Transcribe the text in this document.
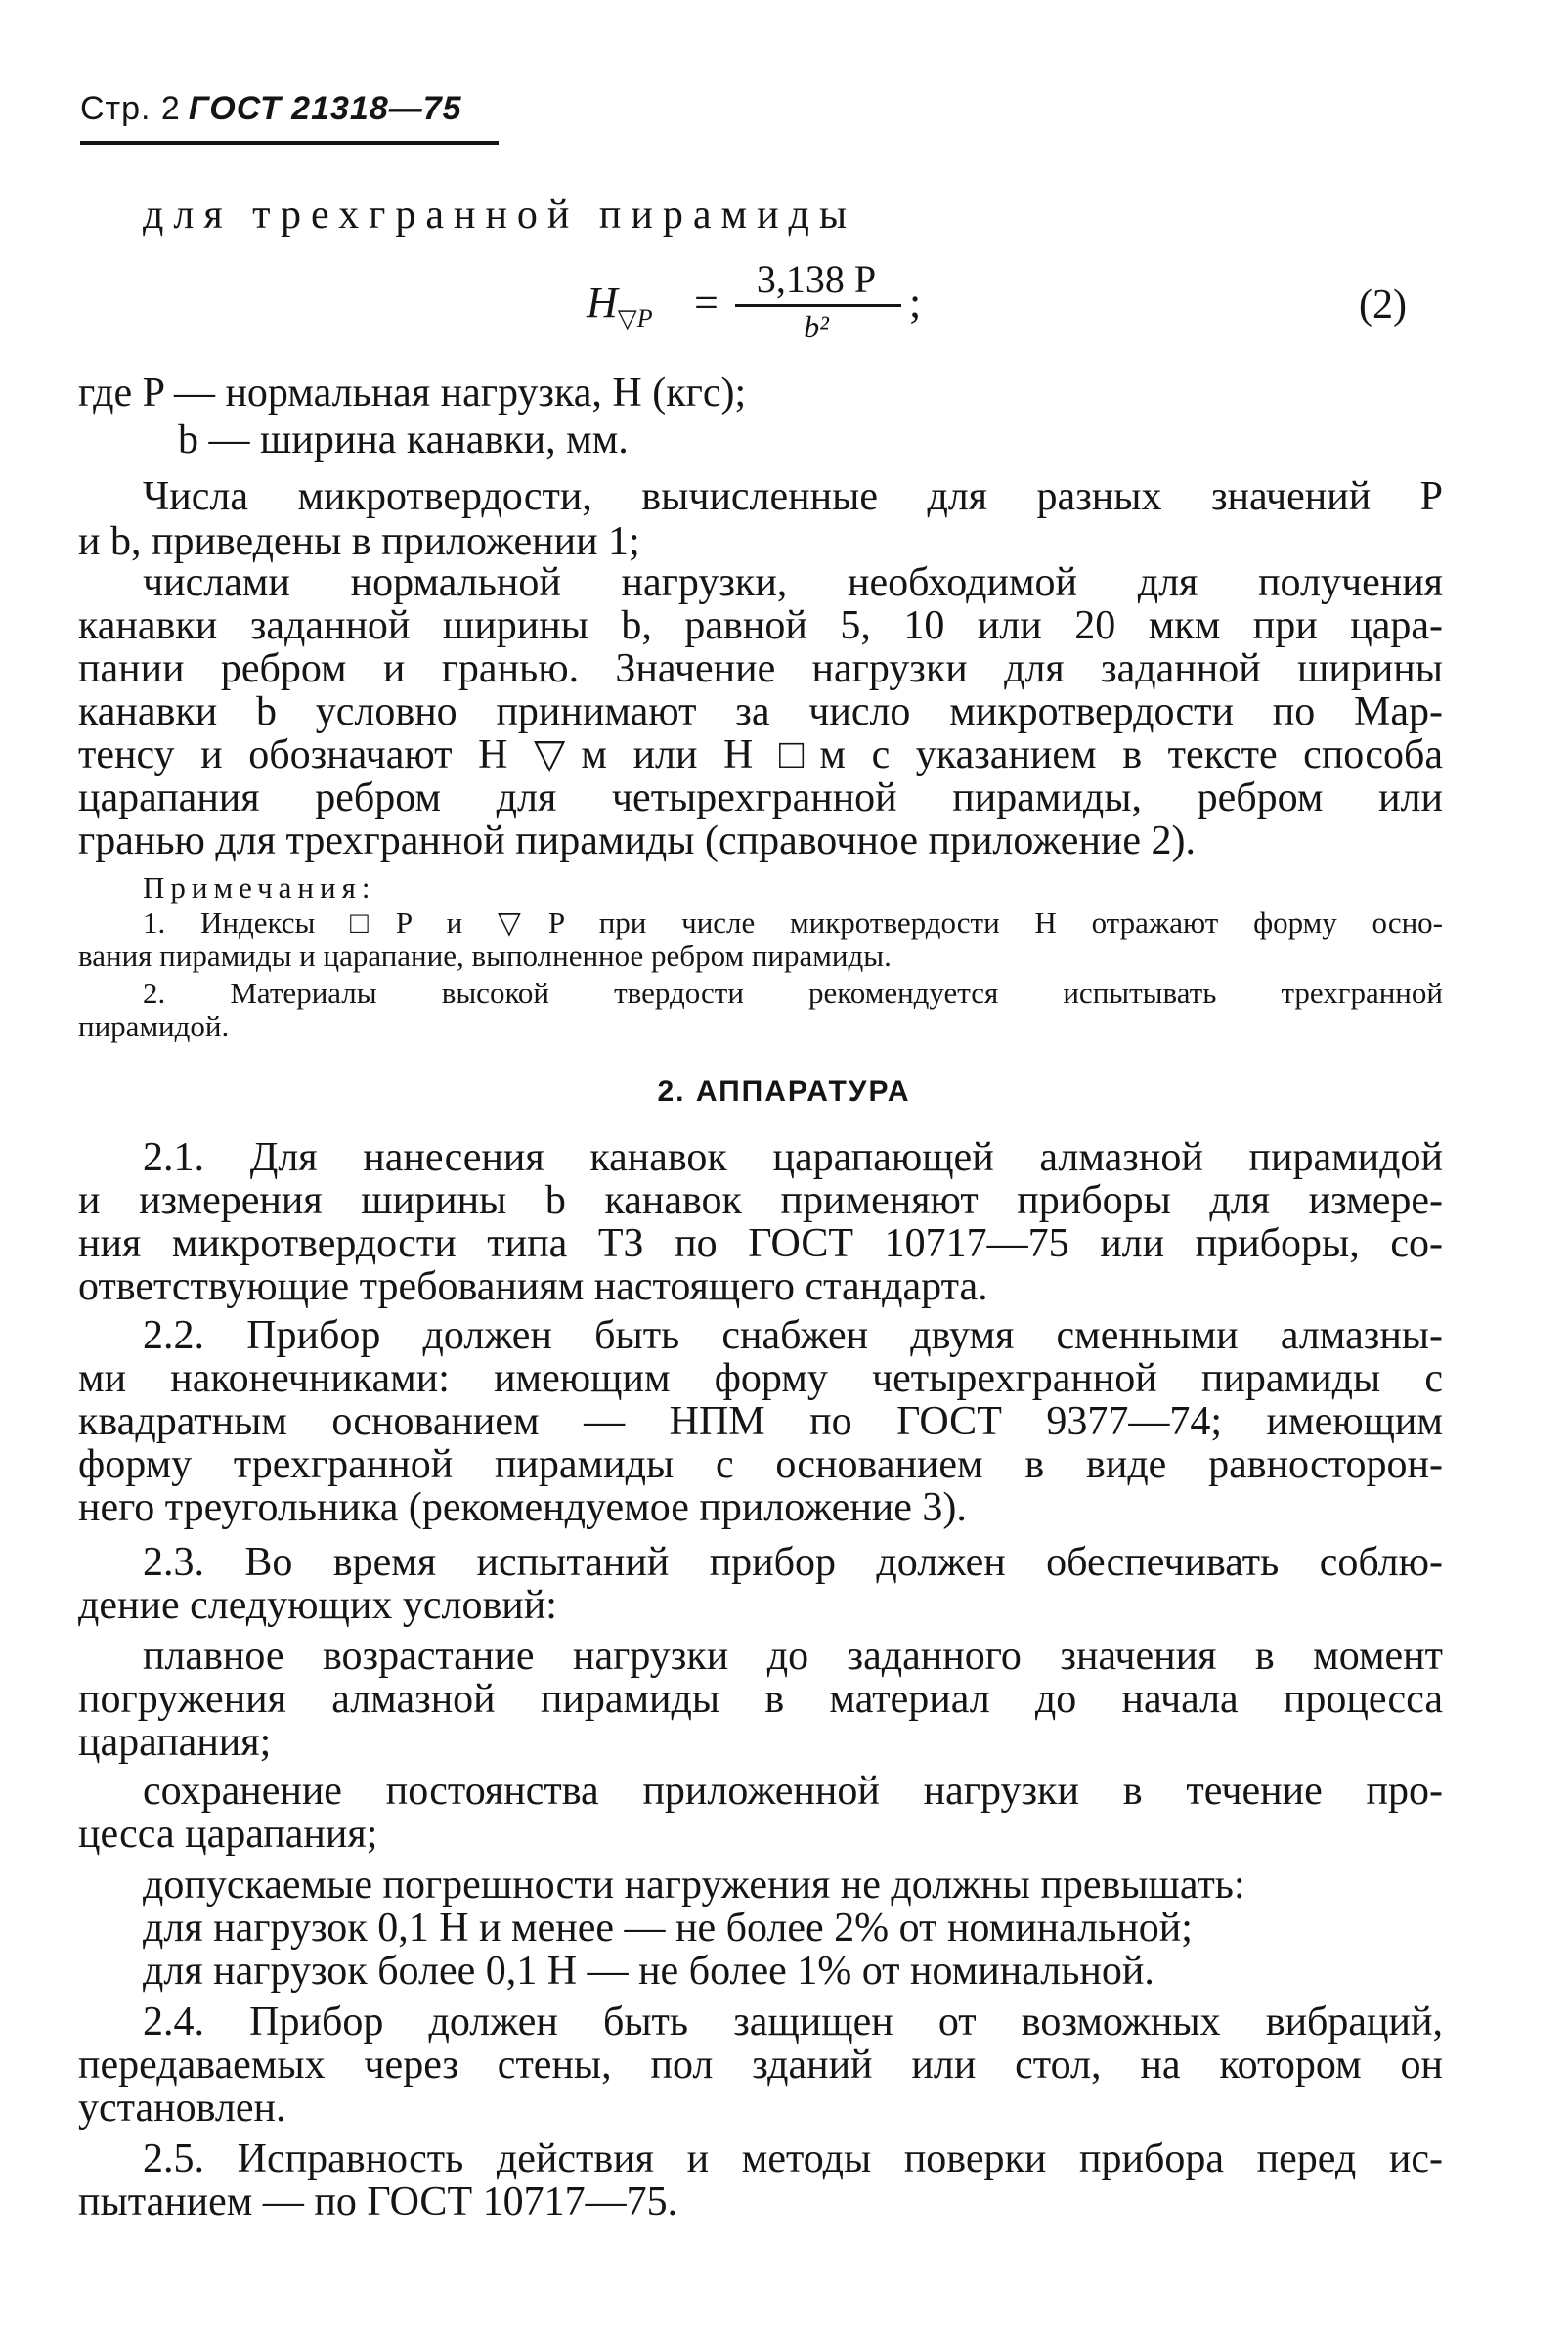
Стр. 2 ГОСТ 21318—75
для трехгранной пирамиды
$H_{▽P} = 3,138$ P
b²	;	(2)
где P — нормальная нагрузка, Н (кгс);
b — ширина канавки, мм.
Числа микротвердости, вычисленные для разных значений P
и b, приведены в приложении 1;
числами нормальной нагрузки, необходимой для получения
канавки заданной ширины b, равной 5, 10 или 20 мкм при цара-
пании ребром и гранью. Значение нагрузки для заданной ширины
канавки b условно принимают за число микротвердости по Мар-
тенсу и обозначают H ▽м или H □м с указанием в тексте способа
царапания ребром для четырехгранной пирамиды, ребром или
гранью для трехгранной пирамиды (справочное приложение 2).
Примечания:
1. Индексы □P и ▽P при числе микротвердости H отражают форму осно-
вания пирамиды и царапание, выполненное ребром пирамиды.
2. Материалы высокой твердости рекомендуется испытывать трехгранной
пирамидой.
2. АППАРАТУРА
2.1. Для нанесения канавок царапающей алмазной пирамидой
и измерения ширины b канавок применяют приборы для измере-
ния микротвердости типа ТЗ по ГОСТ 10717—75 или приборы, со-
ответствующие требованиям настоящего стандарта.
2.2. Прибор должен быть снабжен двумя сменными алмазны-
ми наконечниками: имеющим форму четырехгранной пирамиды с
квадратным основанием — НПМ по ГОСТ 9377—74; имеющим
форму трехгранной пирамиды с основанием в виде равносторон-
него треугольника (рекомендуемое приложение 3).
2.3. Во время испытаний прибор должен обеспечивать соблю-
дение следующих условий:
плавное возрастание нагрузки до заданного значения в момент
погружения алмазной пирамиды в материал до начала процесса
царапания;
сохранение постоянства приложенной нагрузки в течение про-
цесса царапания;
допускаемые погрешности нагружения не должны превышать:
для нагрузок 0,1 Н и менее — не более 2% от номинальной;
для нагрузок более 0,1 Н — не более 1% от номинальной.
2.4. Прибор должен быть защищен от возможных вибраций,
передаваемых через стены, пол зданий или стол, на котором он
установлен.
2.5. Исправность действия и методы поверки прибора перед ис-
пытанием — по ГОСТ 10717—75.
